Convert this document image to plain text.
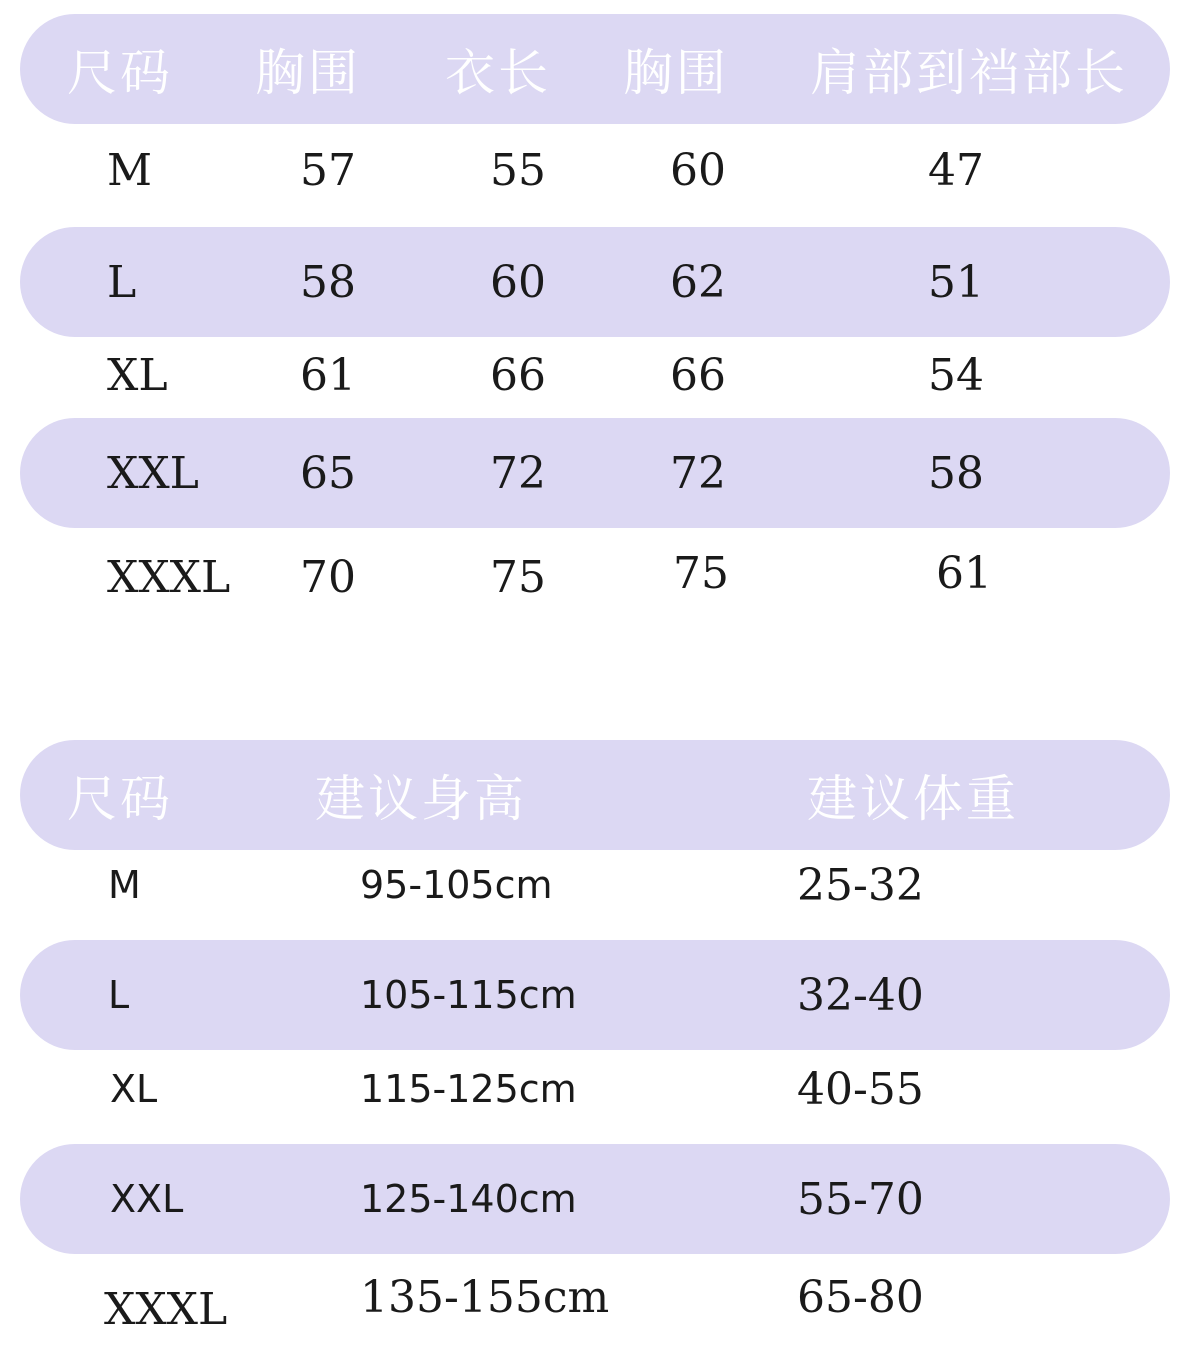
尺码 胸围 衣长 胸围 肩部到裆部长
M	57	55	60	47
L	58	60	62	51
XL	61	66	66	54
XXL 65	72	72	58
XXXL 70	75	75	61
尺码	建议身高	建议体重
M	95-105cm	25-32
L	105-115cm	32-40
XL	115-125cm	40-55
XXL	125-140cm	55-70
XXXL	135-155cm	65-80
